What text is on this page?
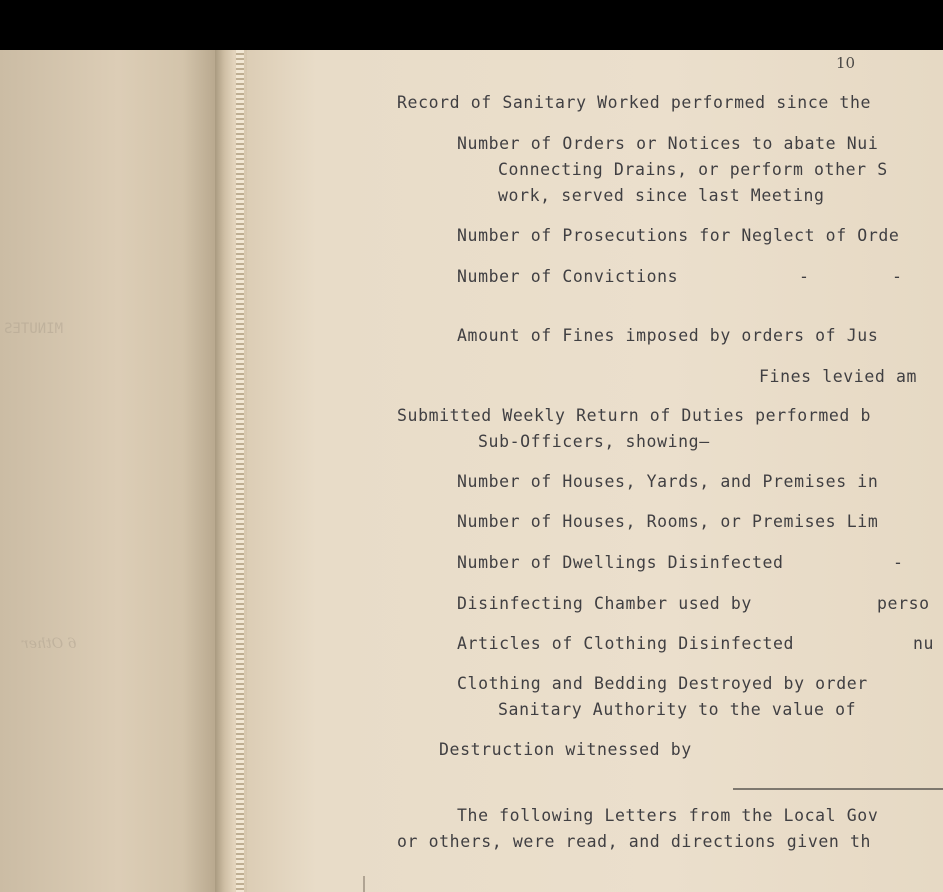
MINUTES
6 Other
10
Record of Sanitary Worked performed since the
Number of Orders or Notices to abate Nui
Connecting Drains, or perform other S
work, served since last Meeting
Number of Prosecutions for Neglect of Orde
Number of Convictions	-	-
Amount of Fines imposed by orders of Jus
Fines levied am
Submitted Weekly Return of Duties performed b
Sub-Officers, showing—
Number of Houses, Yards, and Premises in
Number of Houses, Rooms, or Premises Lim
Number of Dwellings Disinfected	-
Disinfecting Chamber used by	perso
Articles of Clothing Disinfected	nu
Clothing and Bedding Destroyed by order
Sanitary Authority to the value of
Destruction witnessed by
The following Letters from the Local Gov
or others, were read, and directions given th
